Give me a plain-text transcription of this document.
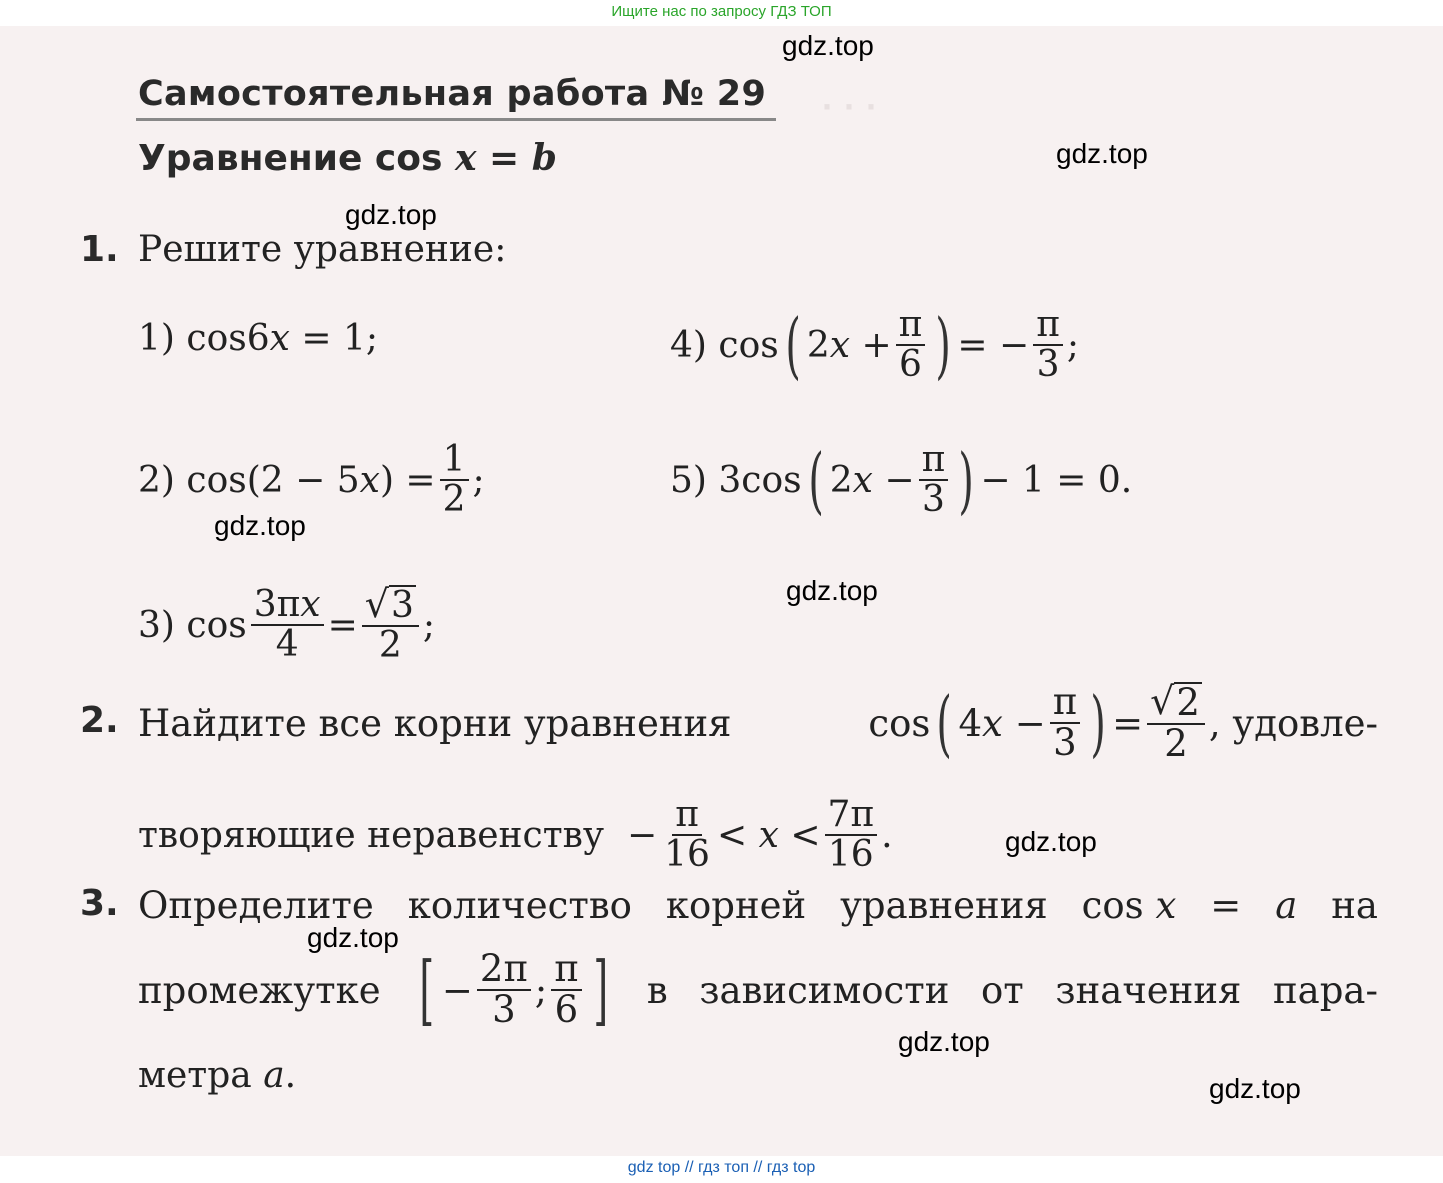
Ищите нас по запросу ГДЗ ТОП
· · ·
Самостоятельная работа № 29
Уравнение cos x = b
1. Решите уравнение:
1)
cos6 x
= 1;	4)
cos ( 2 x
+ $\frac{\pi}{6}$ ) = − $\frac{\pi}{3}$ ;
2)
cos(2 − 5 x ) = $\frac{1}{2}$ ;	5)
3cos ( 2 x
− $\frac{\pi}{3}$ ) − 1 = 0.
3)
$\cos \frac{3\pi x}{4} = \frac{√ 3}{2}$ ;
2. Найдите все корни уравнения	cos ( 4 x
− $\frac{\pi}{3}$ ) = $\frac{√ 2}{2}$ , удовле-
творяющие неравенству
− $\frac{\pi}{16}$ <
x
< $\frac{7\pi}{16}$ .
3. Определите количество корней уравнения cos x = a на
промежутке [ − $\frac{2\pi}{3}$ ; $\frac{\pi}{6}$ ] в зависимости от значения пара-
метра
a .
gdz.top
gdz.top
gdz.top
gdz.top
gdz.top
gdz.top
gdz.top
gdz.top
gdz.top
gdz top // гдз топ // гдз top
